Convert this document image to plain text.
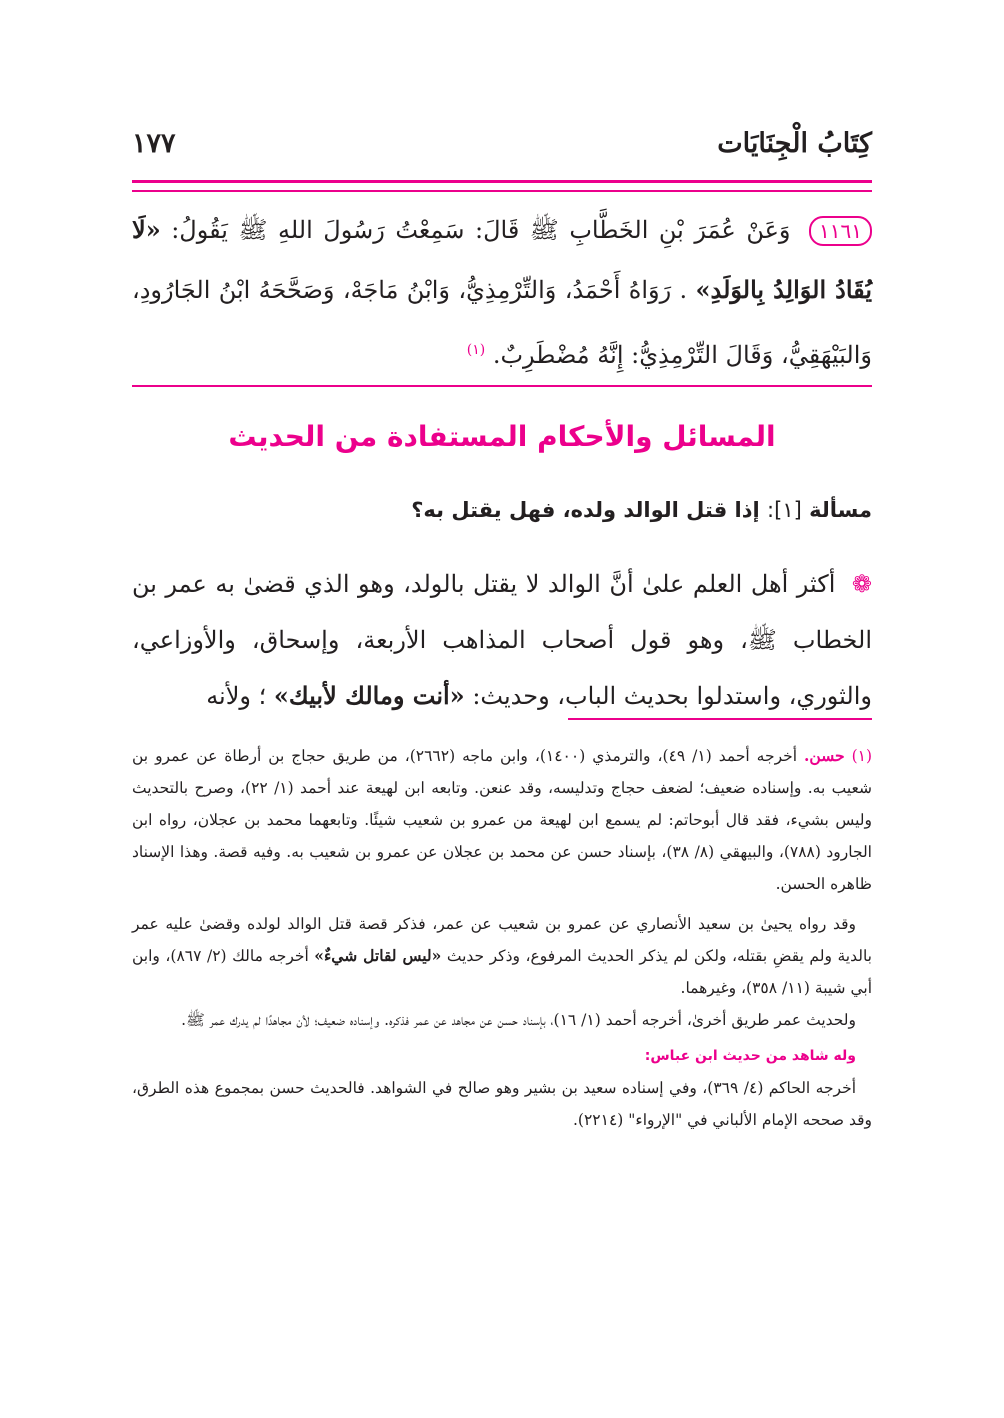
كِتَابُ الْجِنَايَات
١٧٧
١١٦١ وَعَنْ عُمَرَ بْنِ الخَطَّابِ ﷺ قَالَ: سَمِعْتُ رَسُولَ اللهِ ﷺ يَقُولُ: «لَا يُقَادُ الوَالِدُ بِالوَلَدِ» . رَوَاهُ أَحْمَدُ، وَالتِّرْمِذِيُّ، وَابْنُ مَاجَهْ، وَصَحَّحَهُ ابْنُ الجَارُودِ، وَالبَيْهَقِيُّ، وَقَالَ التِّرْمِذِيُّ: إِنَّهُ مُضْطَرِبٌ. $^{(١)}$
المسائل والأحكام المستفادة من الحديث
مسألة [١]: إذا قتل الوالد ولده، فهل يقتل به؟
❁ أكثر أهل العلم علىٰ أنَّ الوالد لا يقتل بالولد، وهو الذي قضىٰ به عمر بن الخطاب ﷺ، وهو قول أصحاب المذاهب الأربعة، وإسحاق، والأوزاعي، والثوري، واستدلوا بحديث الباب، وحديث: «أنت ومالك لأبيك» ؛ ولأنه

(١) حسن. أخرجه أحمد (١/ ٤٩)، والترمذي (١٤٠٠)، وابن ماجه (٢٦٦٢)، من طريق حجاج بن أرطاة عن عمرو بن شعيب به. وإسناده ضعيف؛ لضعف حجاج وتدليسه، وقد عنعن. وتابعه ابن لهيعة عند أحمد (١/ ٢٢)، وصرح بالتحديث وليس بشيء، فقد قال أبوحاتم: لم يسمع ابن لهيعة من عمرو بن شعيب شيئًا. وتابعهما محمد بن عجلان، رواه ابن الجارود (٧٨٨)، والبيهقي (٨/ ٣٨)، بإسناد حسن عن محمد بن عجلان عن عمرو بن شعيب به. وفيه قصة. وهذا الإسناد ظاهره الحسن.

وقد رواه يحيىٰ بن سعيد الأنصاري عن عمرو بن شعيب عن عمر، فذكر قصة قتل الوالد لولده وقضىٰ عليه عمر بالدية ولم يقضِ بقتله، ولكن لم يذكر الحديث المرفوع، وذكر حديث «ليس لقاتل شيءٌ» أخرجه مالك (٢/ ٨٦٧)، وابن أبي شيبة (١١/ ٣٥٨)، وغيرهما.

ولحديث عمر طريق أخرىٰ، أخرجه أحمد (١/ ١٦)، بإسناد حسن عن مجاهد عن عمر فذكره. وإسناده ضعيف؛ لأن مجاهدًا لم يدرك عمر ﷺ.

وله شاهد من حديث ابن عباس:

أخرجه الحاكم (٤/ ٣٦٩)، وفي إسناده سعيد بن بشير وهو صالح في الشواهد. فالحديث حسن بمجموع هذه الطرق، وقد صححه الإمام الألباني في "الإرواء" (٢٢١٤).
